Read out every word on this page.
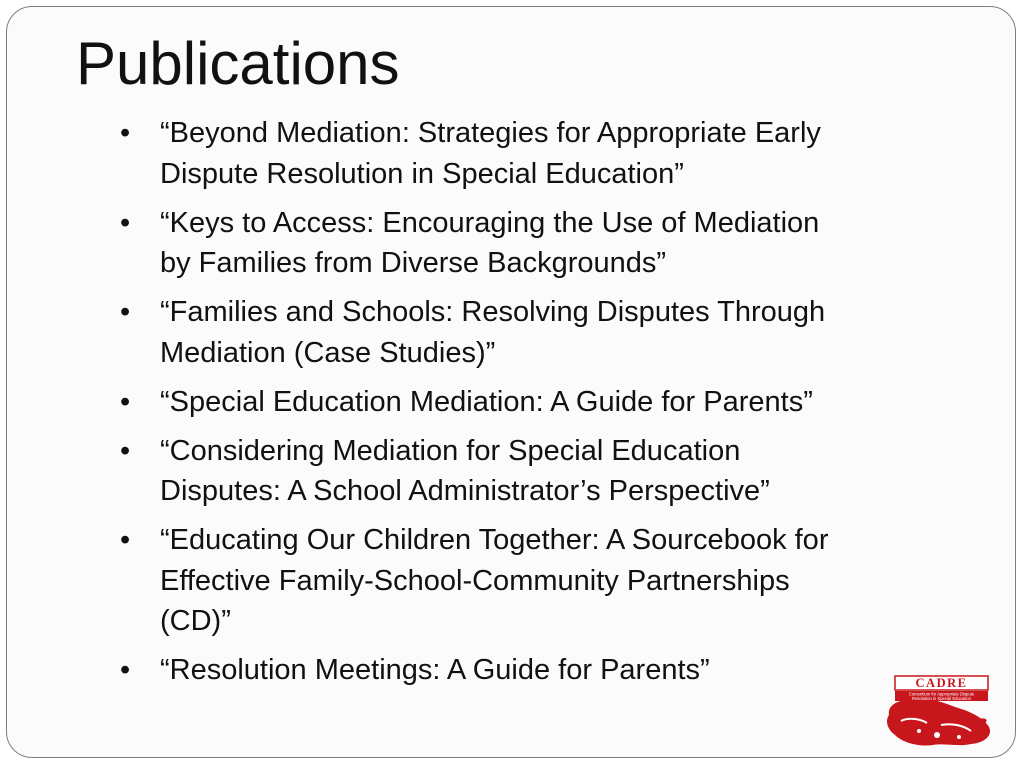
Publications
• “Beyond Mediation: Strategies for Appropriate Early
Dispute Resolution in Special Education”
• “Keys to Access: Encouraging the Use of Mediation
by Families from Diverse Backgrounds”
• “Families and Schools: Resolving Disputes Through
Mediation (Case Studies)”
• “Special Education Mediation: A Guide for Parents”
• “Considering Mediation for Special Education
Disputes: A School Administrator’s Perspective”
• “Educating Our Children Together: A Sourcebook for
Effective Family-School-Community Partnerships
(CD)”
• “Resolution Meetings: A Guide for Parents”	CADRE
Consortium for Appropriate Dispute
Resolution in Special Education
